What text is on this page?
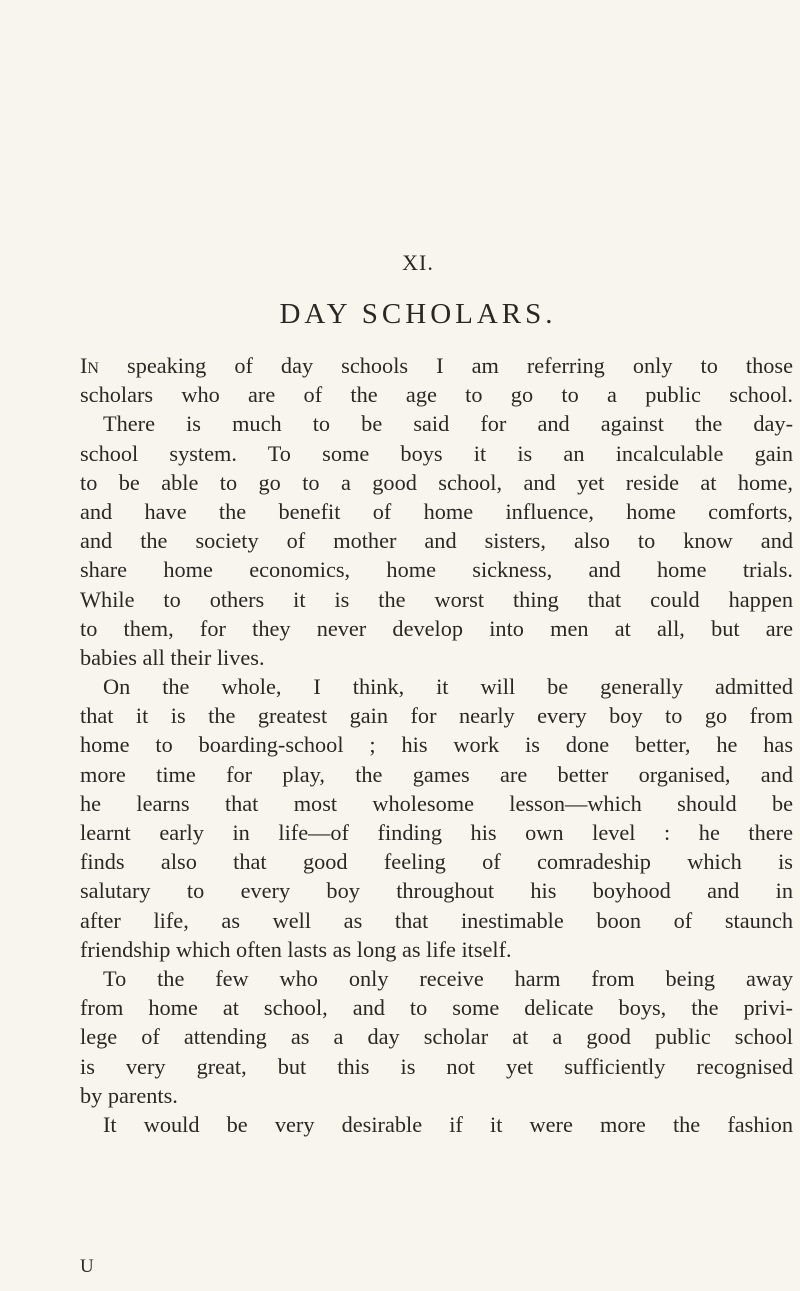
XI.
DAY SCHOLARS.
In speaking of day schools I am referring only to those
scholars who are of the age to go to a public school.
There is much to be said for and against the day-
school system. To some boys it is an incalculable gain
to be able to go to a good school, and yet reside at home,
and have the benefit of home influence, home comforts,
and the society of mother and sisters, also to know and
share home economics, home sickness, and home trials.
While to others it is the worst thing that could happen
to them, for they never develop into men at all, but are
babies all their lives.
On the whole, I think, it will be generally admitted
that it is the greatest gain for nearly every boy to go from
home to boarding-school ; his work is done better, he has
more time for play, the games are better organised, and
he learns that most wholesome lesson—which should be
learnt early in life—of finding his own level : he there
finds also that good feeling of comradeship which is
salutary to every boy throughout his boyhood and in
after life, as well as that inestimable boon of staunch
friendship which often lasts as long as life itself.
To the few who only receive harm from being away
from home at school, and to some delicate boys, the privi-
lege of attending as a day scholar at a good public school
is very great, but this is not yet sufficiently recognised
by parents.
It would be very desirable if it were more the fashion
U
